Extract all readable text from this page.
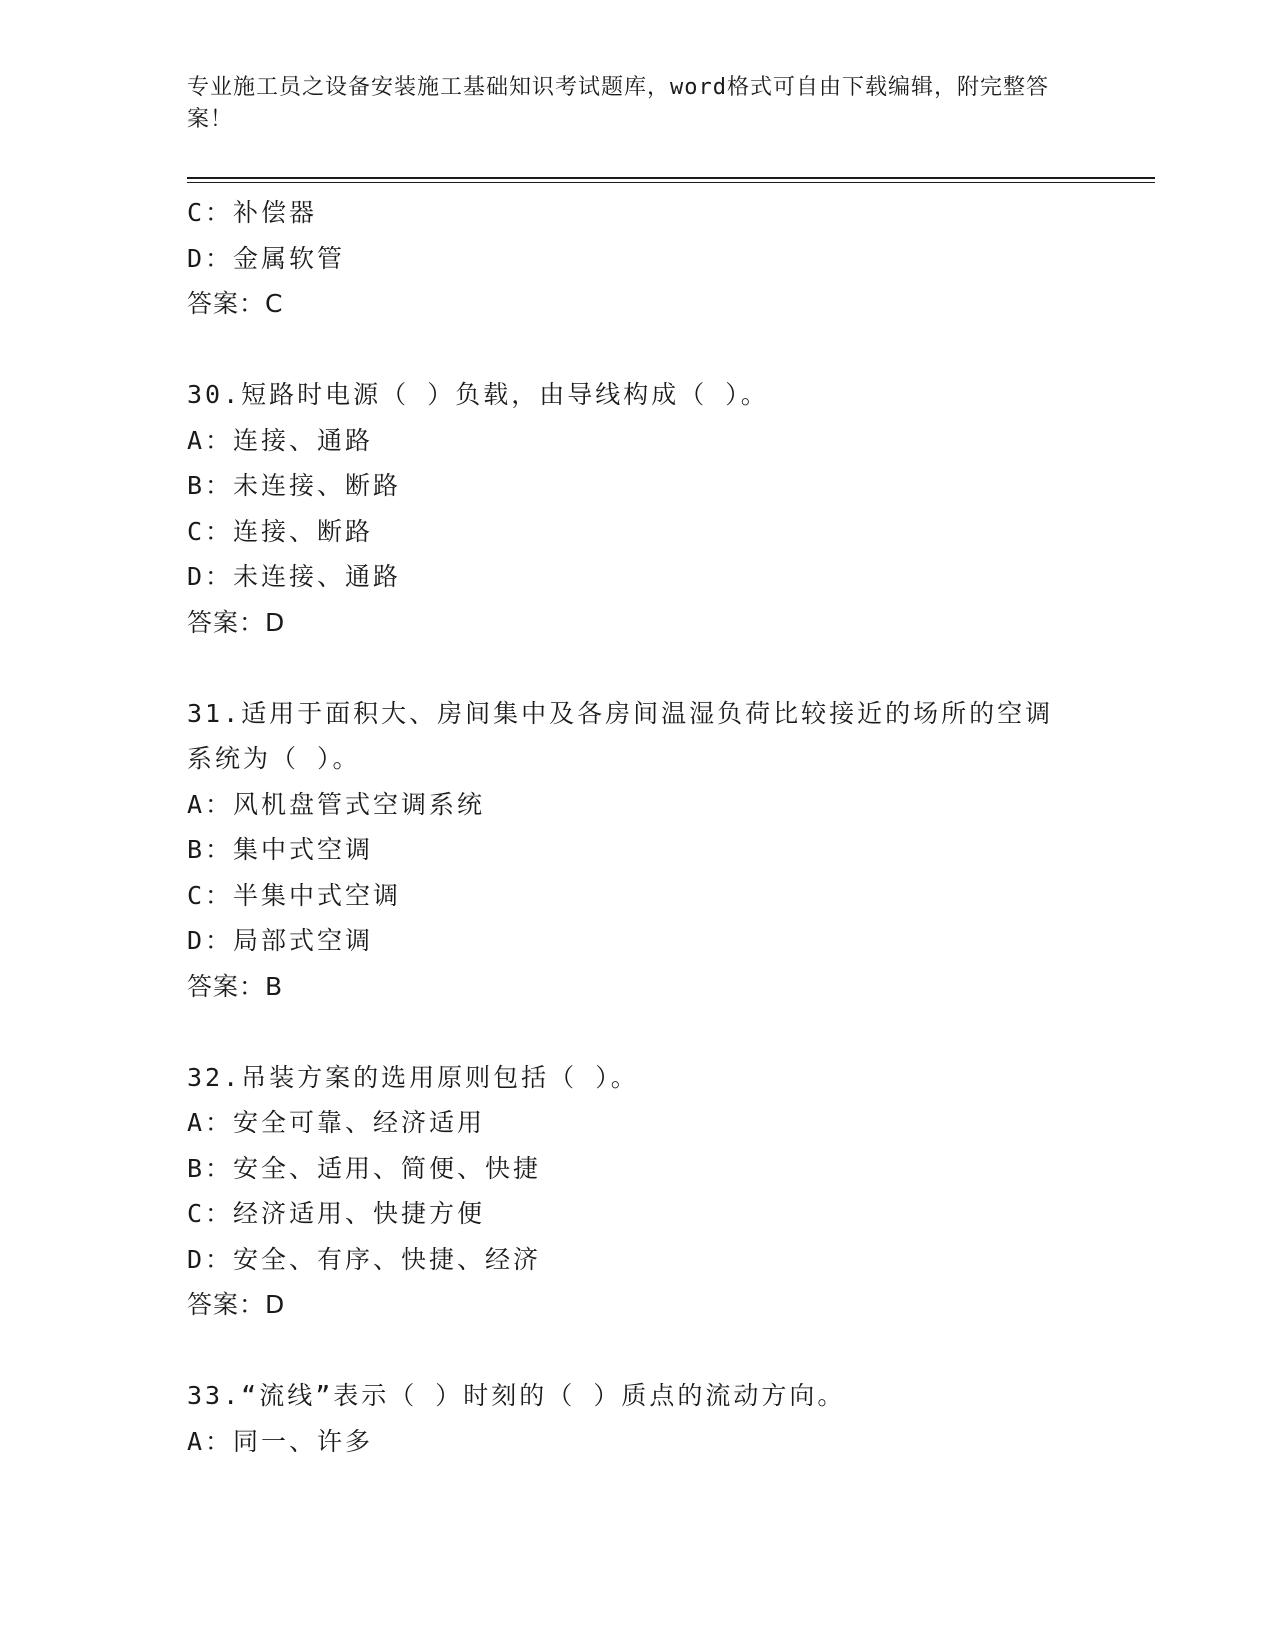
专业施工员之设备安装施工基础知识考试题库，word格式可自由下载编辑，附完整答案！
C：补偿器
D：金属软管
答案：C
30.短路时电源（ ）负载，由导线构成（ ）。
A：连接、通路
B：未连接、断路
C：连接、断路
D：未连接、通路
答案：D
31.适用于面积大、房间集中及各房间温湿负荷比较接近的场所的空调
系统为（ ）。
A：风机盘管式空调系统
B：集中式空调
C：半集中式空调
D：局部式空调
答案：B
32.吊装方案的选用原则包括（ ）。
A：安全可靠、经济适用
B：安全、适用、简便、快捷
C：经济适用、快捷方便
D：安全、有序、快捷、经济
答案：D
33.“流线”表示（ ）时刻的（ ）质点的流动方向。
A：同一、许多
